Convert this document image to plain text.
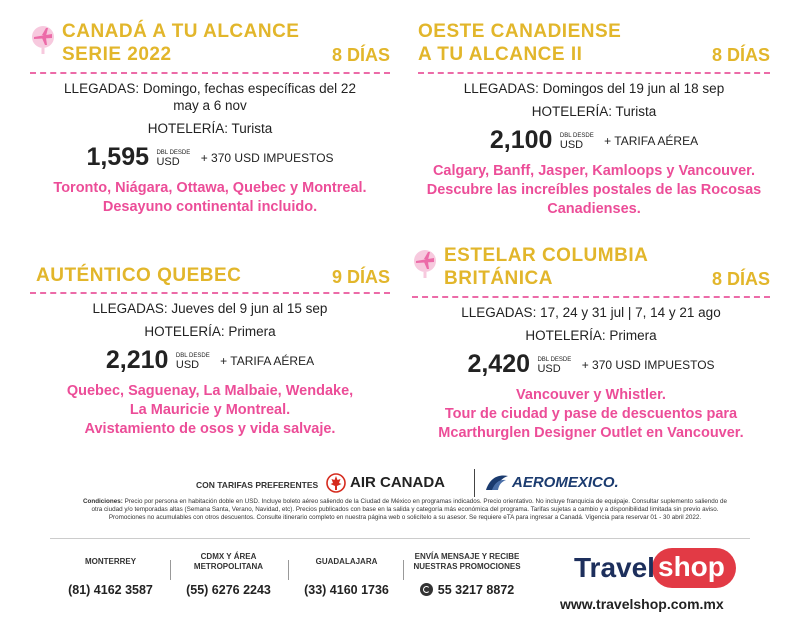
CANADÁ A TU ALCANCE
SERIE 2022	8 DÍAS
LLEGADAS: Domingo, fechas específicas del 22 may a 6 nov
HOTELERÍA: Turista
1,595 DBL DESDE
USD	+ 370 USD IMPUESTOS
Toronto, Niágara, Ottawa, Quebec y Montreal.
Desayuno continental incluido.
OESTE CANADIENSE
A TU ALCANCE II	8 DÍAS
LLEGADAS: Domingos del 19 jun al 18 sep
HOTELERÍA: Turista
2,100 DBL DESDE
USD	+ TARIFA AÉREA
Calgary, Banff, Jasper, Kamloops y Vancouver.
Descubre las increíbles postales de las Rocosas
Canadienses.
AUTÉNTICO QUEBEC	9 DÍAS
LLEGADAS: Jueves del 9 jun al 15 sep
HOTELERÍA: Primera
2,210 DBL DESDE
USD	+ TARIFA AÉREA
Quebec, Saguenay, La Malbaie, Wendake,
La Mauricie y Montreal.
Avistamiento de osos y vida salvaje.
ESTELAR COLUMBIA
BRITÁNICA	8 DÍAS
LLEGADAS: 17, 24 y 31 jul | 7, 14 y 21 ago
HOTELERÍA: Primera
2,420 DBL DESDE
USD	+ 370 USD IMPUESTOS
Vancouver y Whistler.
Tour de ciudad y pase de descuentos para
Mcarthurglen Designer Outlet en Vancouver.
CON TARIFAS PREFERENTES AIR CANADA	AEROMEXICO.
Condiciones: Precio por persona en habitación doble en USD. Incluye boleto aéreo saliendo de la Ciudad de México en programas indicados. Precio orientativo. No incluye franquicia de equipaje. Consultar suplemento saliendo de otra ciudad y/o temporadas altas (Semana Santa, Verano, Navidad, etc). Precios publicados con base en la salida y categoría más económica del programa. Tarifas sujetas a cambio y a disponibilidad limitada sin previo aviso. Promociones no acumulables con otros descuentos. Consulte itinerario completo en nuestra página web o solicítelo a su asesor. Se requiere eTA para ingresar a Canadá. Vigencia para reservar 01 - 30 abril 2022.
MONTERREY
(81) 4162 3587
CDMX Y ÁREA METROPOLITANA
(55) 6276 2243
GUADALAJARA
(33) 4160 1736
ENVÍA MENSAJE Y RECIBE NUESTRAS PROMOCIONES
55 3217 8872
Travel shop
www.travelshop.com.mx
